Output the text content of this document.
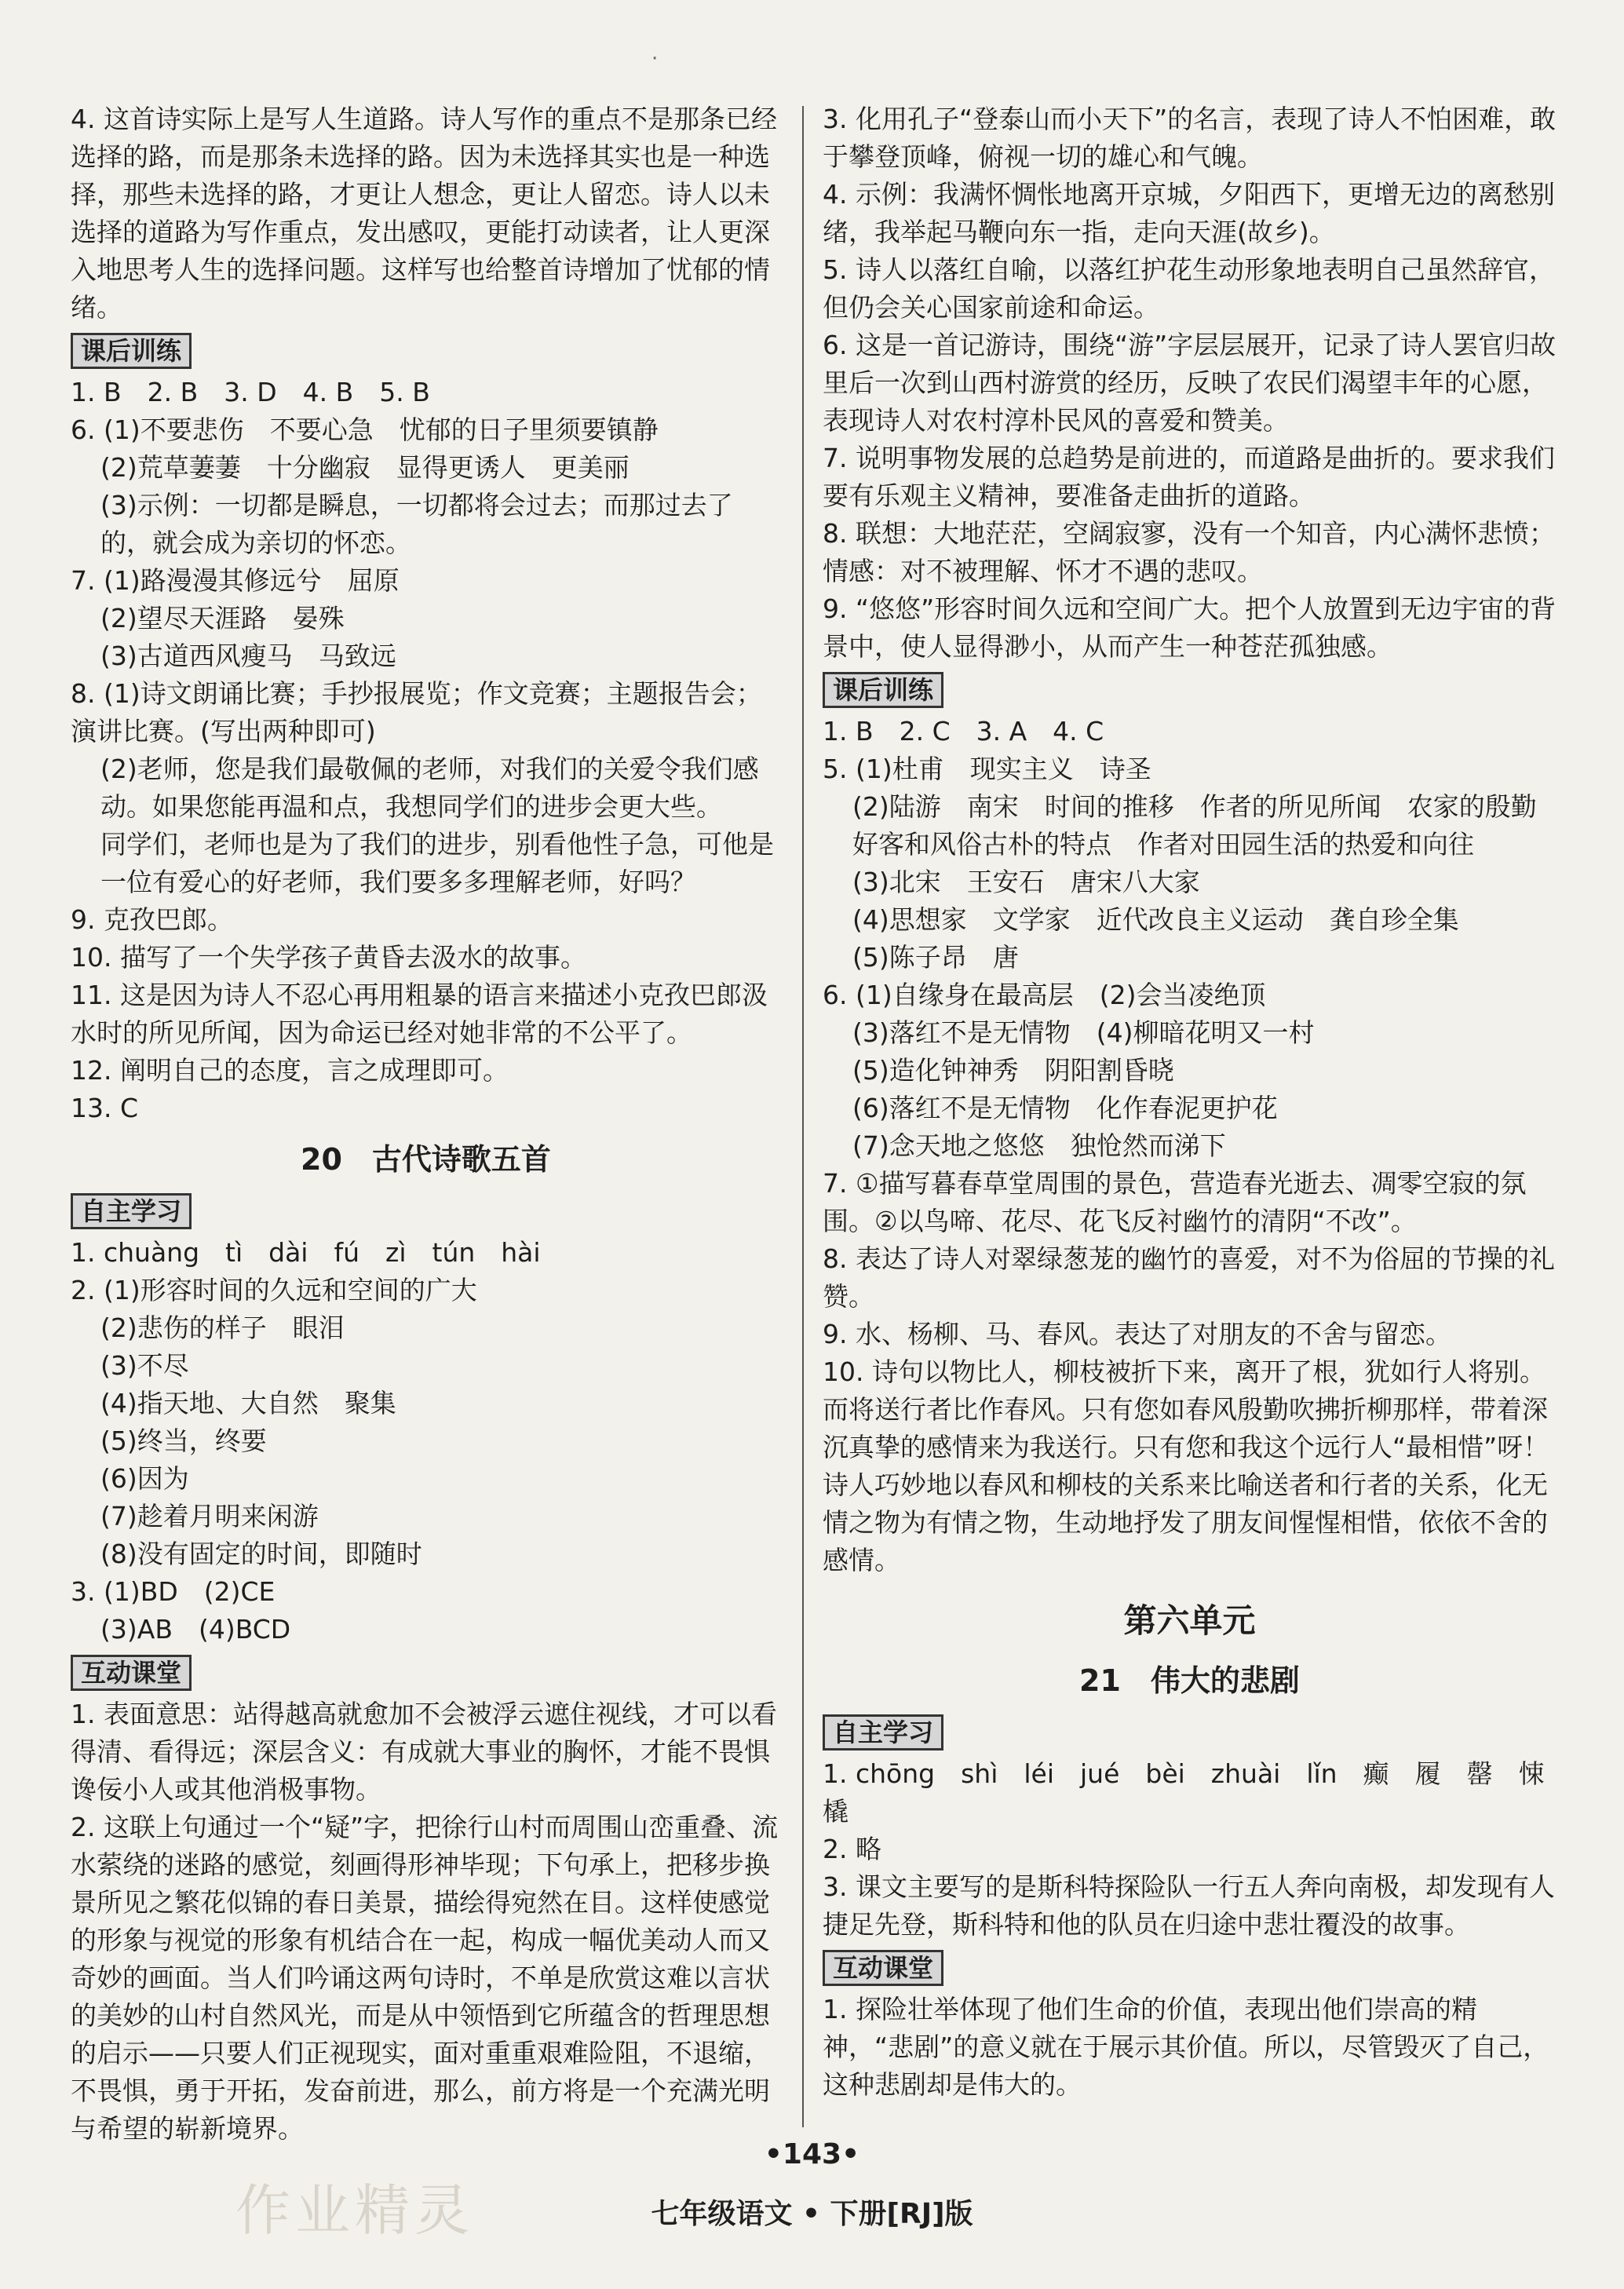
·
4. 这首诗实际上是写人生道路。诗人写作的重点不是那条已经选择的路，而是那条未选择的路。因为未选择其实也是一种选择，那些未选择的路，才更让人想念，更让人留恋。诗人以未选择的道路为写作重点，发出感叹，更能打动读者，让人更深入地思考人生的选择问题。这样写也给整首诗增加了忧郁的情绪。
课后训练
1. B　2. B　3. D　4. B　5. B
6. (1)不要悲伤　不要心急　忧郁的日子里须要镇静
(2)荒草萋萋　十分幽寂　显得更诱人　更美丽
(3)示例：一切都是瞬息，一切都将会过去；而那过去了的，就会成为亲切的怀恋。
7. (1)路漫漫其修远兮　屈原
(2)望尽天涯路　晏殊
(3)古道西风瘦马　马致远
8. (1)诗文朗诵比赛；手抄报展览；作文竞赛；主题报告会；演讲比赛。(写出两种即可)
(2)老师，您是我们最敬佩的老师，对我们的关爱令我们感动。如果您能再温和点，我想同学们的进步会更大些。
同学们，老师也是为了我们的进步，别看他性子急，可他是一位有爱心的好老师，我们要多多理解老师，好吗？
9. 克孜巴郎。
10. 描写了一个失学孩子黄昏去汲水的故事。
11. 这是因为诗人不忍心再用粗暴的语言来描述小克孜巴郎汲水时的所见所闻，因为命运已经对她非常的不公平了。
12. 阐明自己的态度，言之成理即可。
13. C
20　古代诗歌五首
自主学习
1. chuàng　tì　dài　fú　zì　tún　hài
2. (1)形容时间的久远和空间的广大
(2)悲伤的样子　眼泪
(3)不尽
(4)指天地、大自然　聚集
(5)终当，终要
(6)因为
(7)趁着月明来闲游
(8)没有固定的时间，即随时
3. (1)BD　(2)CE
(3)AB　(4)BCD
互动课堂
1. 表面意思：站得越高就愈加不会被浮云遮住视线，才可以看得清、看得远；深层含义：有成就大事业的胸怀，才能不畏惧谗佞小人或其他消极事物。
2. 这联上句通过一个“疑”字，把徐行山村而周围山峦重叠、流水萦绕的迷路的感觉，刻画得形神毕现；下句承上，把移步换景所见之繁花似锦的春日美景，描绘得宛然在目。这样使感觉的形象与视觉的形象有机结合在一起，构成一幅优美动人而又奇妙的画面。当人们吟诵这两句诗时，不单是欣赏这难以言状的美妙的山村自然风光，而是从中领悟到它所蕴含的哲理思想的启示——只要人们正视现实，面对重重艰难险阻，不退缩，不畏惧，勇于开拓，发奋前进，那么，前方将是一个充满光明与希望的崭新境界。
3. 化用孔子“登泰山而小天下”的名言，表现了诗人不怕困难，敢于攀登顶峰，俯视一切的雄心和气魄。
4. 示例：我满怀惆怅地离开京城，夕阳西下，更增无边的离愁别绪，我举起马鞭向东一指，走向天涯(故乡)。
5. 诗人以落红自喻，以落红护花生动形象地表明自己虽然辞官，但仍会关心国家前途和命运。
6. 这是一首记游诗，围绕“游”字层层展开，记录了诗人罢官归故里后一次到山西村游赏的经历，反映了农民们渴望丰年的心愿，表现诗人对农村淳朴民风的喜爱和赞美。
7. 说明事物发展的总趋势是前进的，而道路是曲折的。要求我们要有乐观主义精神，要准备走曲折的道路。
8. 联想：大地茫茫，空阔寂寥，没有一个知音，内心满怀悲愤；情感：对不被理解、怀才不遇的悲叹。
9. “悠悠”形容时间久远和空间广大。把个人放置到无边宇宙的背景中，使人显得渺小，从而产生一种苍茫孤独感。
课后训练
1. B　2. C　3. A　4. C
5. (1)杜甫　现实主义　诗圣
(2)陆游　南宋　时间的推移　作者的所见所闻　农家的殷勤好客和风俗古朴的特点　作者对田园生活的热爱和向往
(3)北宋　王安石　唐宋八大家
(4)思想家　文学家　近代改良主义运动　龚自珍全集
(5)陈子昂　唐
6. (1)自缘身在最高层　(2)会当凌绝顶
(3)落红不是无情物　(4)柳暗花明又一村
(5)造化钟神秀　阴阳割昏晓
(6)落红不是无情物　化作春泥更护花
(7)念天地之悠悠　独怆然而涕下
7. ①描写暮春草堂周围的景色，营造春光逝去、凋零空寂的氛围。②以鸟啼、花尽、花飞反衬幽竹的清阴“不改”。
8. 表达了诗人对翠绿葱茏的幽竹的喜爱，对不为俗屈的节操的礼赞。
9. 水、杨柳、马、春风。表达了对朋友的不舍与留恋。
10. 诗句以物比人，柳枝被折下来，离开了根，犹如行人将别。而将送行者比作春风。只有您如春风殷勤吹拂折柳那样，带着深沉真挚的感情来为我送行。只有您和我这个远行人“最相惜”呀！诗人巧妙地以春风和柳枝的关系来比喻送者和行者的关系，化无情之物为有情之物，生动地抒发了朋友间惺惺相惜，依依不舍的感情。
第六单元
21　伟大的悲剧
自主学习
1. chōng　shì　léi　jué　bèi　zhuài　lǐn　癫　履　罄　悚　橇
2. 略
3. 课文主要写的是斯科特探险队一行五人奔向南极，却发现有人捷足先登，斯科特和他的队员在归途中悲壮覆没的故事。
互动课堂
1. 探险壮举体现了他们生命的价值，表现出他们崇高的精神，“悲剧”的意义就在于展示其价值。所以，尽管毁灭了自己，这种悲剧却是伟大的。
作业精灵
•143•
七年级语文 • 下册[RJ]版
